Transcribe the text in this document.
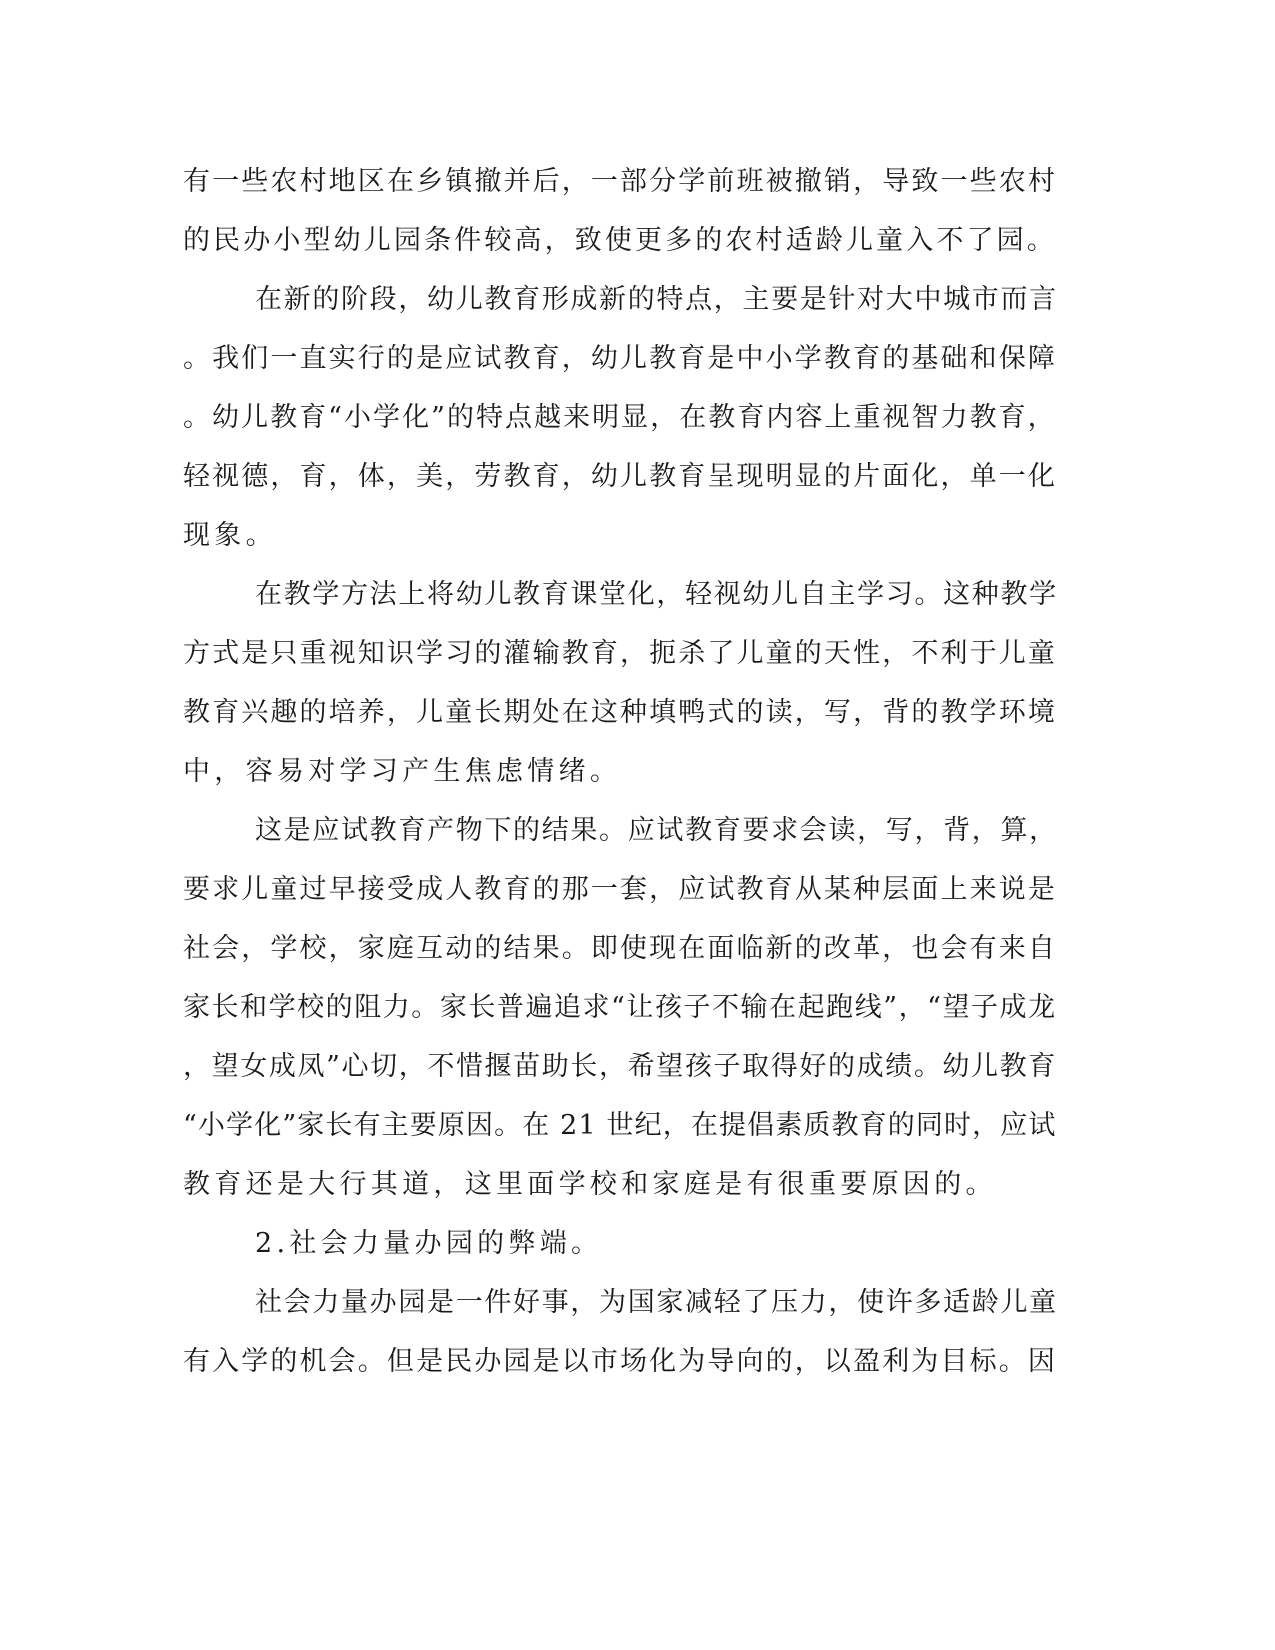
有一些农村地区在乡镇撤并后，一部分学前班被撤销，导致一些农村
的民办小型幼儿园条件较高，致使更多的农村适龄儿童入不了园。
在新的阶段，幼儿教育形成新的特点，主要是针对大中城市而言
。我们一直实行的是应试教育，幼儿教育是中小学教育的基础和保障
。幼儿教育“小学化”的特点越来明显，在教育内容上重视智力教育，
轻视德，育，体，美，劳教育，幼儿教育呈现明显的片面化，单一化
现象。
在教学方法上将幼儿教育课堂化，轻视幼儿自主学习。这种教学
方式是只重视知识学习的灌输教育，扼杀了儿童的天性，不利于儿童
教育兴趣的培养，儿童长期处在这种填鸭式的读，写，背的教学环境
中，容易对学习产生焦虑情绪。
这是应试教育产物下的结果。应试教育要求会读，写，背，算，
要求儿童过早接受成人教育的那一套，应试教育从某种层面上来说是
社会，学校，家庭互动的结果。即使现在面临新的改革，也会有来自
家长和学校的阻力。家长普遍追求“让孩子不输在起跑线”，“望子成龙
，望女成凤”心切，不惜揠苗助长，希望孩子取得好的成绩。幼儿教育
“小学化”家长有主要原因。在 21 世纪，在提倡素质教育的同时，应试
教育还是大行其道，这里面学校和家庭是有很重要原因的。
2.社会力量办园的弊端。
社会力量办园是一件好事，为国家减轻了压力，使许多适龄儿童
有入学的机会。但是民办园是以市场化为导向的，以盈利为目标。因
